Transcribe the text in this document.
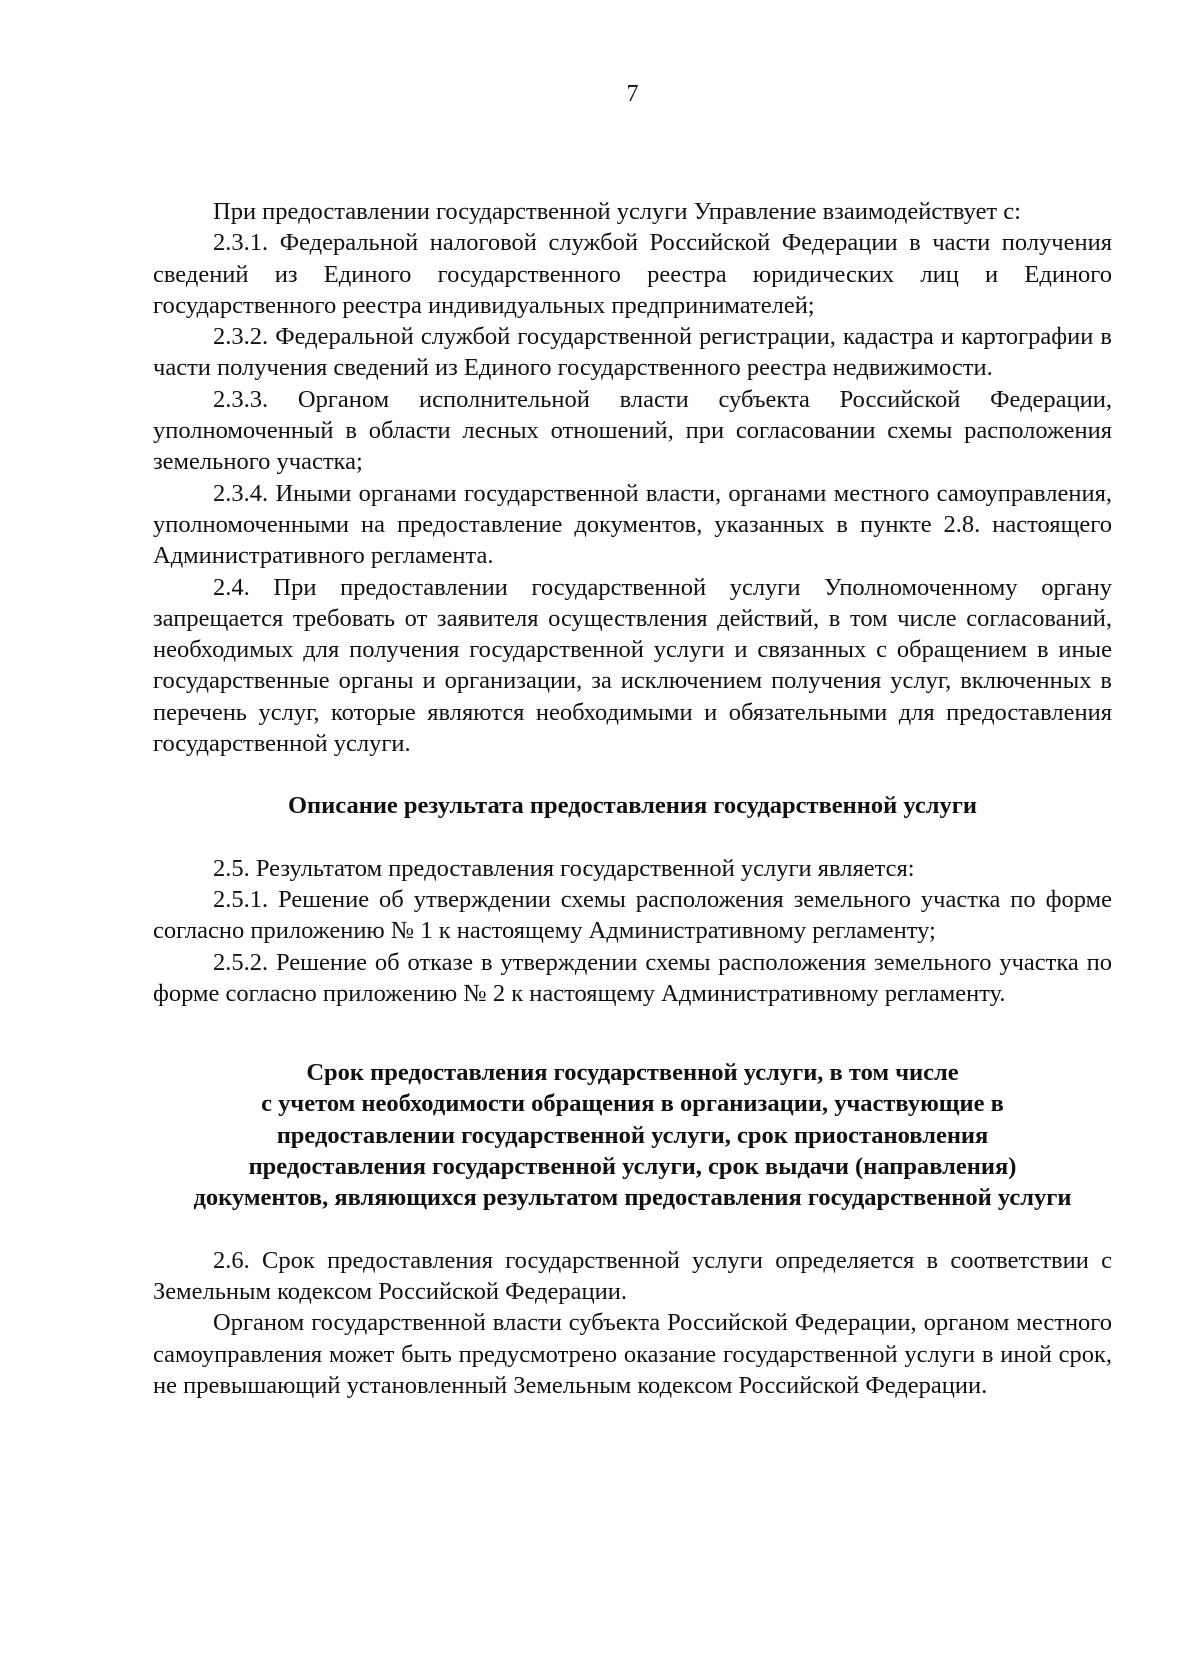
7

При предоставлении государственной услуги Управление взаимодействует с:

2.3.1. Федеральной налоговой службой Российской Федерации в части получения сведений из Единого государственного реестра юридических лиц и Единого государственного реестра индивидуальных предпринимателей;

2.3.2. Федеральной службой государственной регистрации, кадастра и картографии в части получения сведений из Единого государственного реестра недвижимости.

2.3.3. Органом исполнительной власти субъекта Российской Федерации, уполномоченный в области лесных отношений, при согласовании схемы расположения земельного участка;

2.3.4. Иными органами государственной власти, органами местного самоуправления, уполномоченными на предоставление документов, указанных в пункте 2.8. настоящего Административного регламента.

2.4. При предоставлении государственной услуги Уполномоченному органу запрещается требовать от заявителя осуществления действий, в том числе согласований, необходимых для получения государственной услуги и связанных с обращением в иные государственные органы и организации, за исключением получения услуг, включенных в перечень услуг, которые являются необходимыми и обязательными для предоставления государственной услуги.

Описание результата предоставления государственной услуги

2.5. Результатом предоставления государственной услуги является:

2.5.1. Решение об утверждении схемы расположения земельного участка по форме согласно приложению № 1 к настоящему Административному регламенту;

2.5.2. Решение об отказе в утверждении схемы расположения земельного участка по форме согласно приложению № 2 к настоящему Административному регламенту.

Срок предоставления государственной услуги, в том числе
с учетом необходимости обращения в организации, участвующие в
предоставлении государственной услуги, срок приостановления
предоставления государственной услуги, срок выдачи (направления)
документов, являющихся результатом предоставления государственной услуги

2.6. Срок предоставления государственной услуги определяется в соответствии с Земельным кодексом Российской Федерации.

Органом государственной власти субъекта Российской Федерации, органом местного самоуправления может быть предусмотрено оказание государственной услуги в иной срок, не превышающий установленный Земельным кодексом Российской Федерации.
